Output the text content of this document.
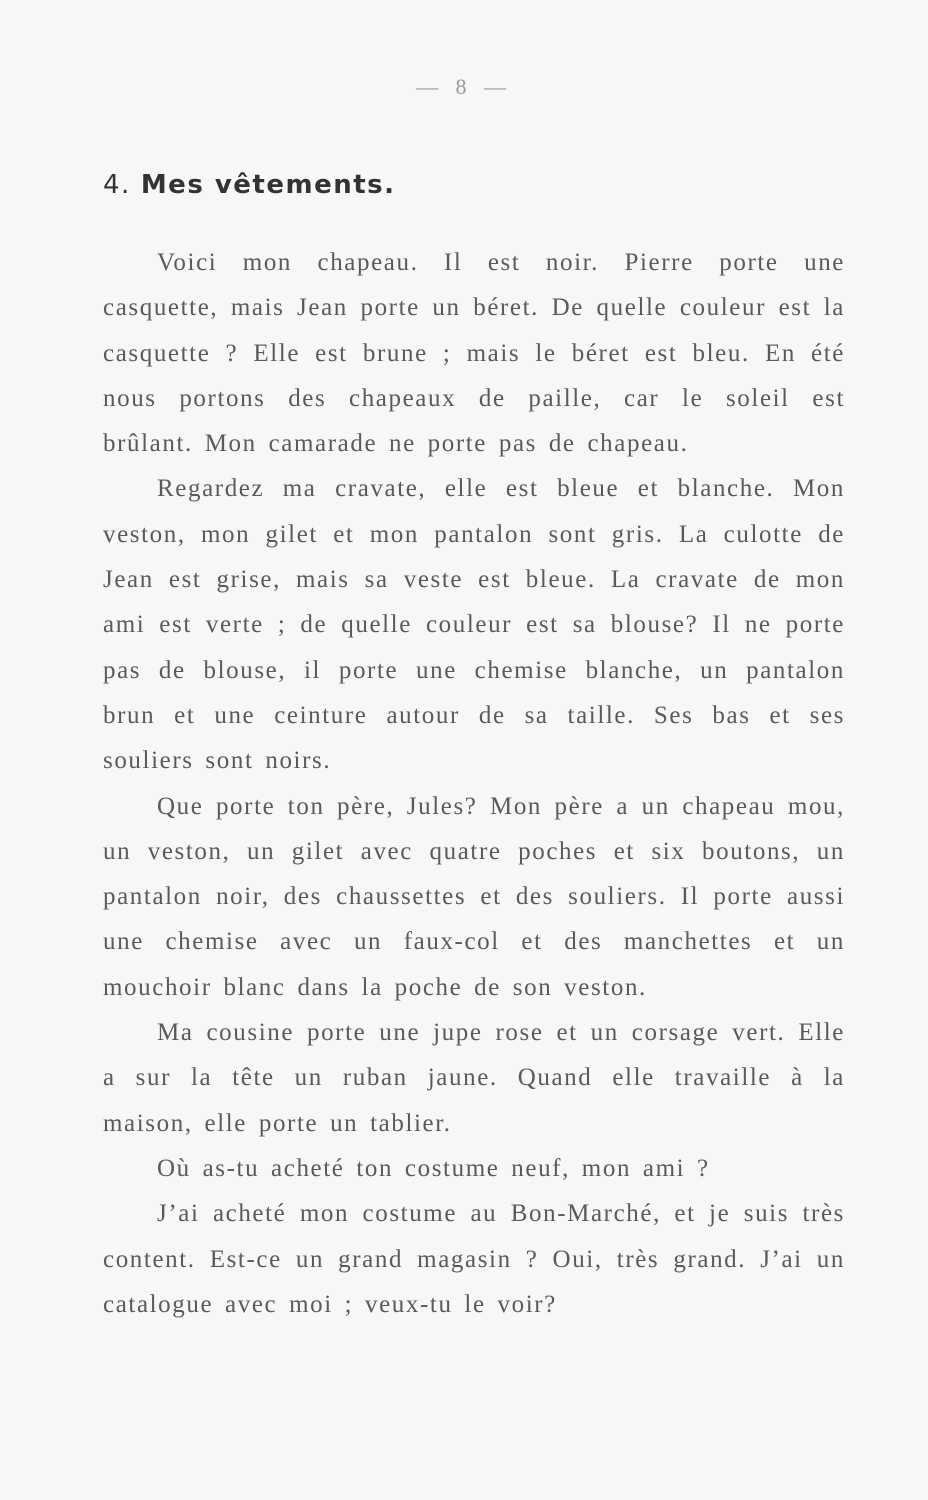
— 8 —
4. Mes vêtements.

Voici mon chapeau. Il est noir. Pierre porte une casquette, mais Jean porte un béret. De quelle couleur est la casquette ? Elle est brune ; mais le béret est bleu. En été nous portons des chapeaux de paille, car le soleil est brûlant. Mon camarade ne porte pas de chapeau.

Regardez ma cravate, elle est bleue et blanche. Mon veston, mon gilet et mon pantalon sont gris. La culotte de Jean est grise, mais sa veste est bleue. La cravate de mon ami est verte ; de quelle couleur est sa blouse? Il ne porte pas de blouse, il porte une chemise blanche, un pantalon brun et une ceinture autour de sa taille. Ses bas et ses souliers sont noirs.

Que porte ton père, Jules? Mon père a un chapeau mou, un veston, un gilet avec quatre poches et six boutons, un pantalon noir, des chaussettes et des souliers. Il porte aussi une chemise avec un faux-col et des manchettes et un mouchoir blanc dans la poche de son veston.

Ma cousine porte une jupe rose et un corsage vert. Elle a sur la tête un ruban jaune. Quand elle travaille à la maison, elle porte un tablier.

Où as-tu acheté ton costume neuf, mon ami ?

J’ai acheté mon costume au Bon-Marché, et je suis très content. Est-ce un grand magasin ? Oui, très grand. J’ai un catalogue avec moi ; veux-tu le voir?
